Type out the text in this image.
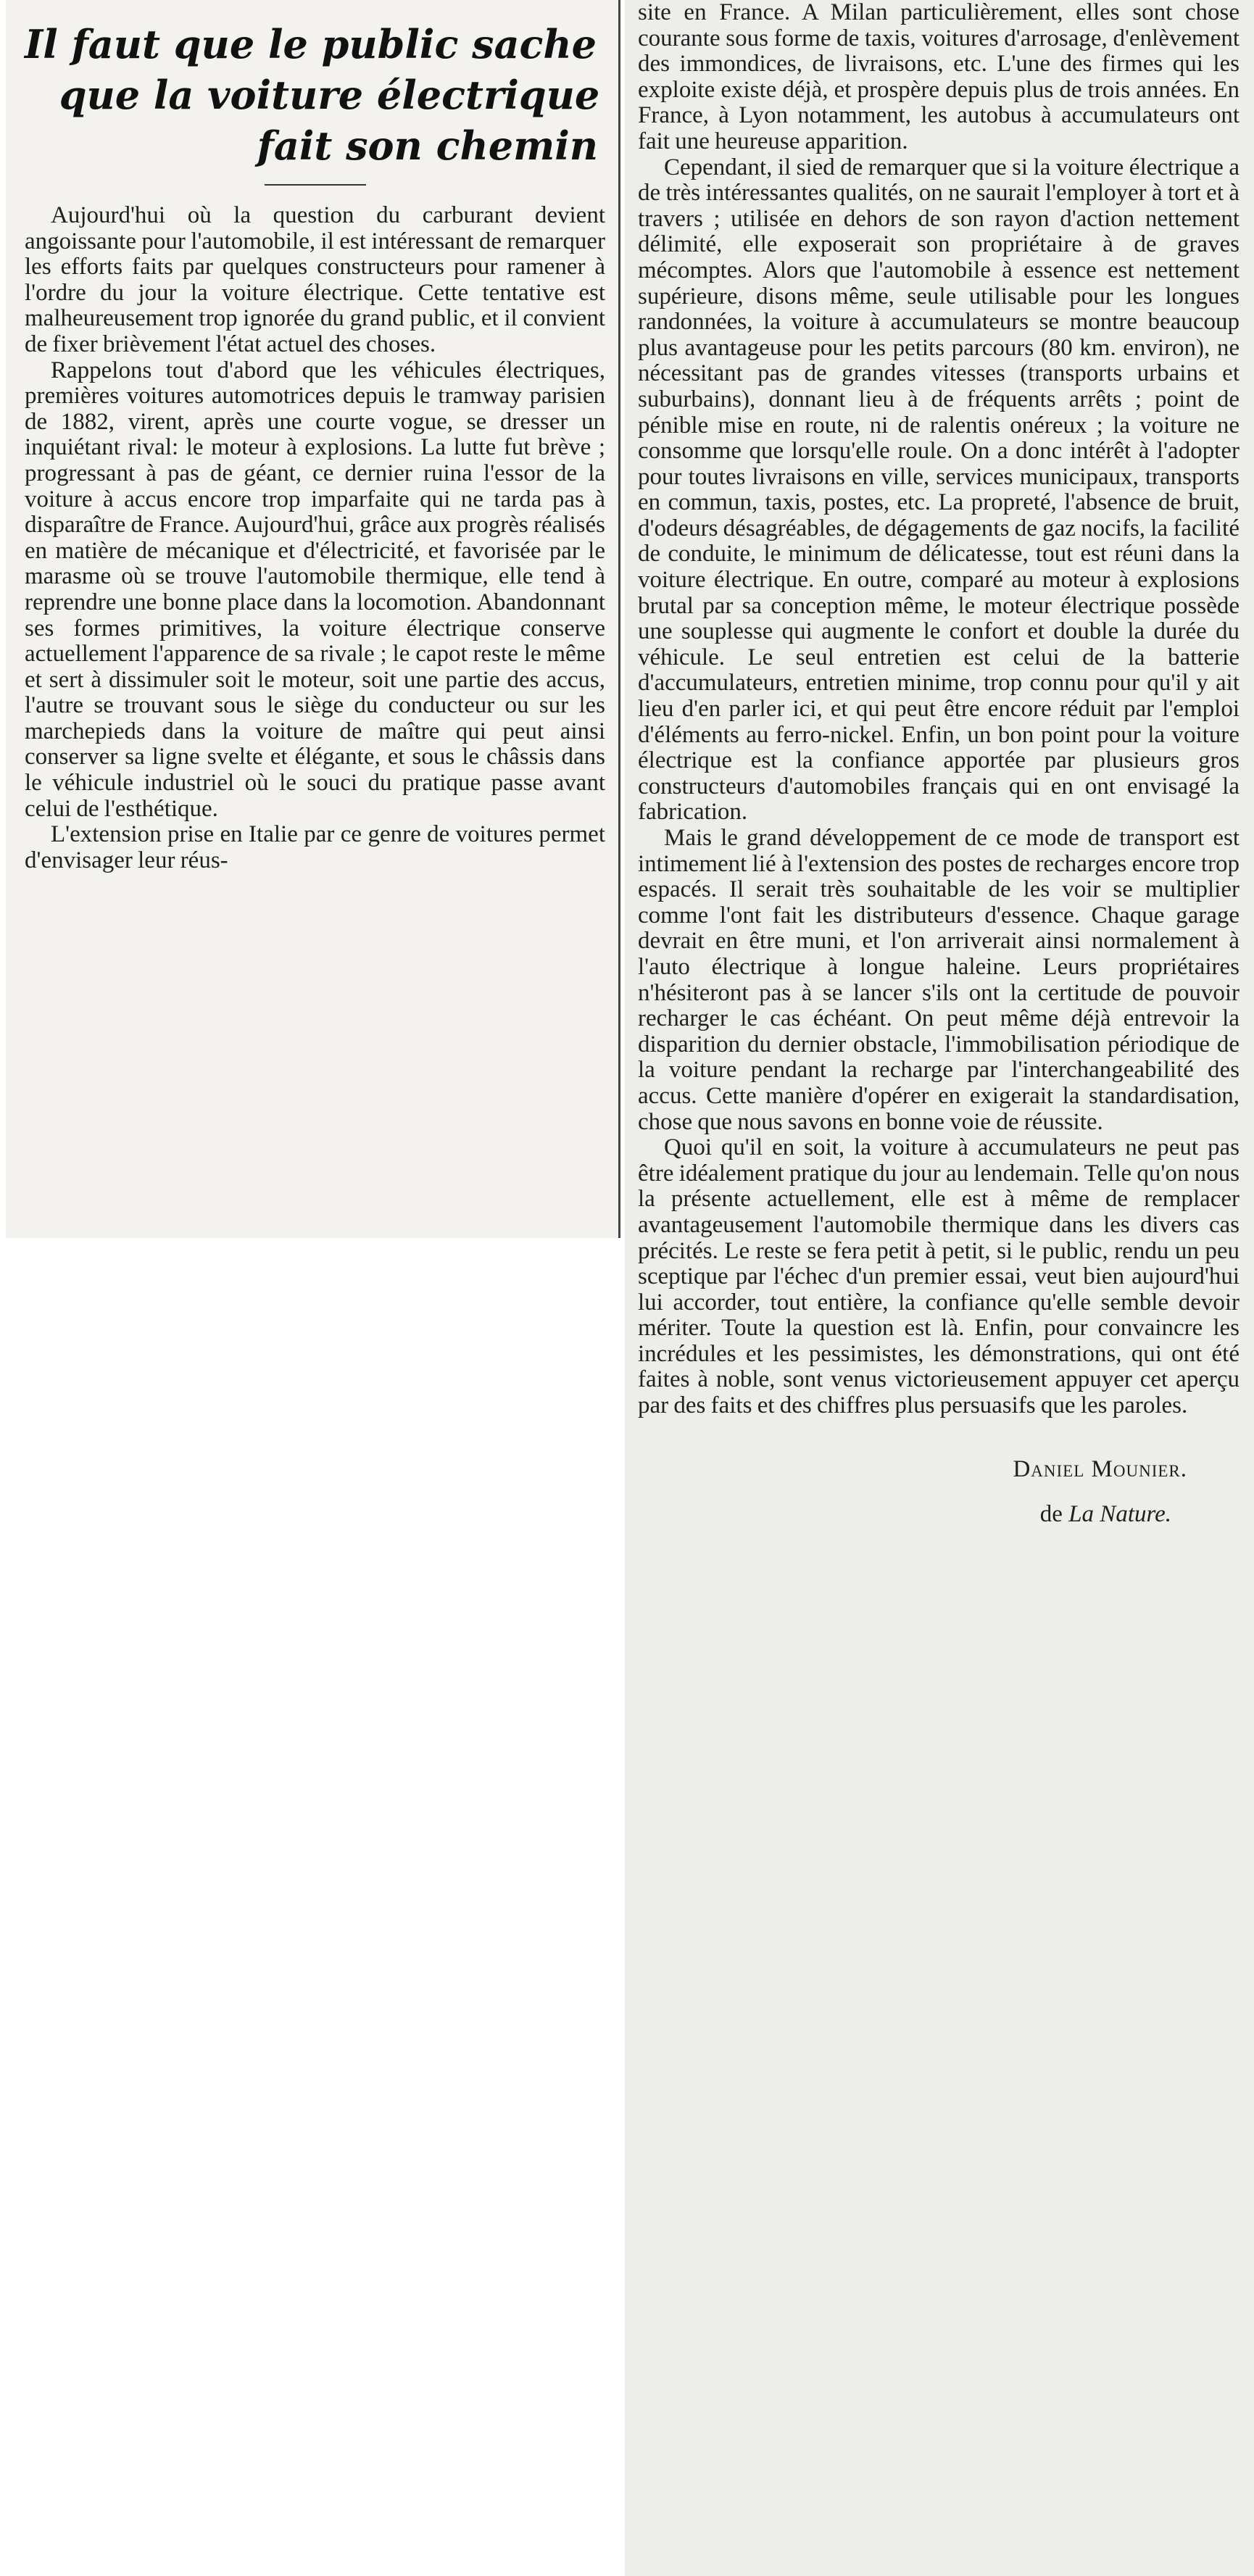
Il faut que le public sache
que la voiture électrique
fait son chemin

Aujourd'hui où la question du carburant devient angoissante pour l'automobile, il est intéressant de remarquer les efforts faits par quelques constructeurs pour ramener à l'ordre du jour la voiture électrique. Cette tentative est malheureusement trop ignorée du grand public, et il convient de fixer brièvement l'état actuel des choses.

Rappelons tout d'abord que les véhicules électriques, premières voitures automotrices depuis le tramway parisien de 1882, virent, après une courte vogue, se dresser un inquiétant rival: le moteur à explosions. La lutte fut brève ; progressant à pas de géant, ce dernier ruina l'essor de la voiture à accus encore trop imparfaite qui ne tarda pas à disparaître de France. Aujourd'hui, grâce aux progrès réalisés en matière de mécanique et d'électricité, et favorisée par le marasme où se trouve l'automobile thermique, elle tend à reprendre une bonne place dans la locomotion. Abandonnant ses formes primitives, la voiture électrique conserve actuellement l'apparence de sa rivale ; le capot reste le même et sert à dissimuler soit le moteur, soit une partie des accus, l'autre se trouvant sous le siège du conducteur ou sur les marchepieds dans la voiture de maître qui peut ainsi conserver sa ligne svelte et élégante, et sous le châssis dans le véhicule industriel où le souci du pratique passe avant celui de l'esthétique.

L'extension prise en Italie par ce genre de voitures permet d'envisager leur réus-

site en France. A Milan particulièrement, elles sont chose courante sous forme de taxis, voitures d'arrosage, d'enlèvement des immondices, de livraisons, etc. L'une des firmes qui les exploite existe déjà, et prospère depuis plus de trois années. En France, à Lyon notamment, les autobus à accumulateurs ont fait une heureuse apparition.

Cependant, il sied de remarquer que si la voiture électrique a de très intéressantes qualités, on ne saurait l'employer à tort et à travers ; utilisée en dehors de son rayon d'action nettement délimité, elle exposerait son propriétaire à de graves mécomptes. Alors que l'automobile à essence est nettement supérieure, disons même, seule utilisable pour les longues randonnées, la voiture à accumulateurs se montre beaucoup plus avantageuse pour les petits parcours (80 km. environ), ne nécessitant pas de grandes vitesses (transports urbains et suburbains), donnant lieu à de fréquents arrêts ; point de pénible mise en route, ni de ralentis onéreux ; la voiture ne consomme que lorsqu'elle roule. On a donc intérêt à l'adopter pour toutes livraisons en ville, services municipaux, transports en commun, taxis, postes, etc. La propreté, l'absence de bruit, d'odeurs désagréables, de dégagements de gaz nocifs, la facilité de conduite, le minimum de délicatesse, tout est réuni dans la voiture électrique. En outre, comparé au moteur à explosions brutal par sa conception même, le moteur électrique possède une souplesse qui augmente le confort et double la durée du véhicule. Le seul entretien est celui de la batterie d'accumulateurs, entretien minime, trop connu pour qu'il y ait lieu d'en parler ici, et qui peut être encore réduit par l'emploi d'éléments au ferro-nickel. Enfin, un bon point pour la voiture électrique est la confiance apportée par plusieurs gros constructeurs d'automobiles français qui en ont envisagé la fabrication.

Mais le grand développement de ce mode de transport est intimement lié à l'extension des postes de recharges encore trop espacés. Il serait très souhaitable de les voir se multiplier comme l'ont fait les distributeurs d'essence. Chaque garage devrait en être muni, et l'on arriverait ainsi normalement à l'auto électrique à longue haleine. Leurs propriétaires n'hésiteront pas à se lancer s'ils ont la certitude de pouvoir recharger le cas échéant. On peut même déjà entrevoir la disparition du dernier obstacle, l'immobilisation périodique de la voiture pendant la recharge par l'interchangeabilité des accus. Cette manière d'opérer en exigerait la standardisation, chose que nous savons en bonne voie de réussite.

Quoi qu'il en soit, la voiture à accumulateurs ne peut pas être idéalement pratique du jour au lendemain. Telle qu'on nous la présente actuellement, elle est à même de remplacer avantageusement l'automobile thermique dans les divers cas précités. Le reste se fera petit à petit, si le public, rendu un peu sceptique par l'échec d'un premier essai, veut bien aujourd'hui lui accorder, tout entière, la confiance qu'elle semble devoir mériter. Toute la question est là. Enfin, pour convaincre les incrédules et les pessimistes, les démonstrations, qui ont été faites à noble, sont venus victorieusement appuyer cet aperçu par des faits et des chiffres plus persuasifs que les paroles.

Daniel Mounier.
de La Nature.
